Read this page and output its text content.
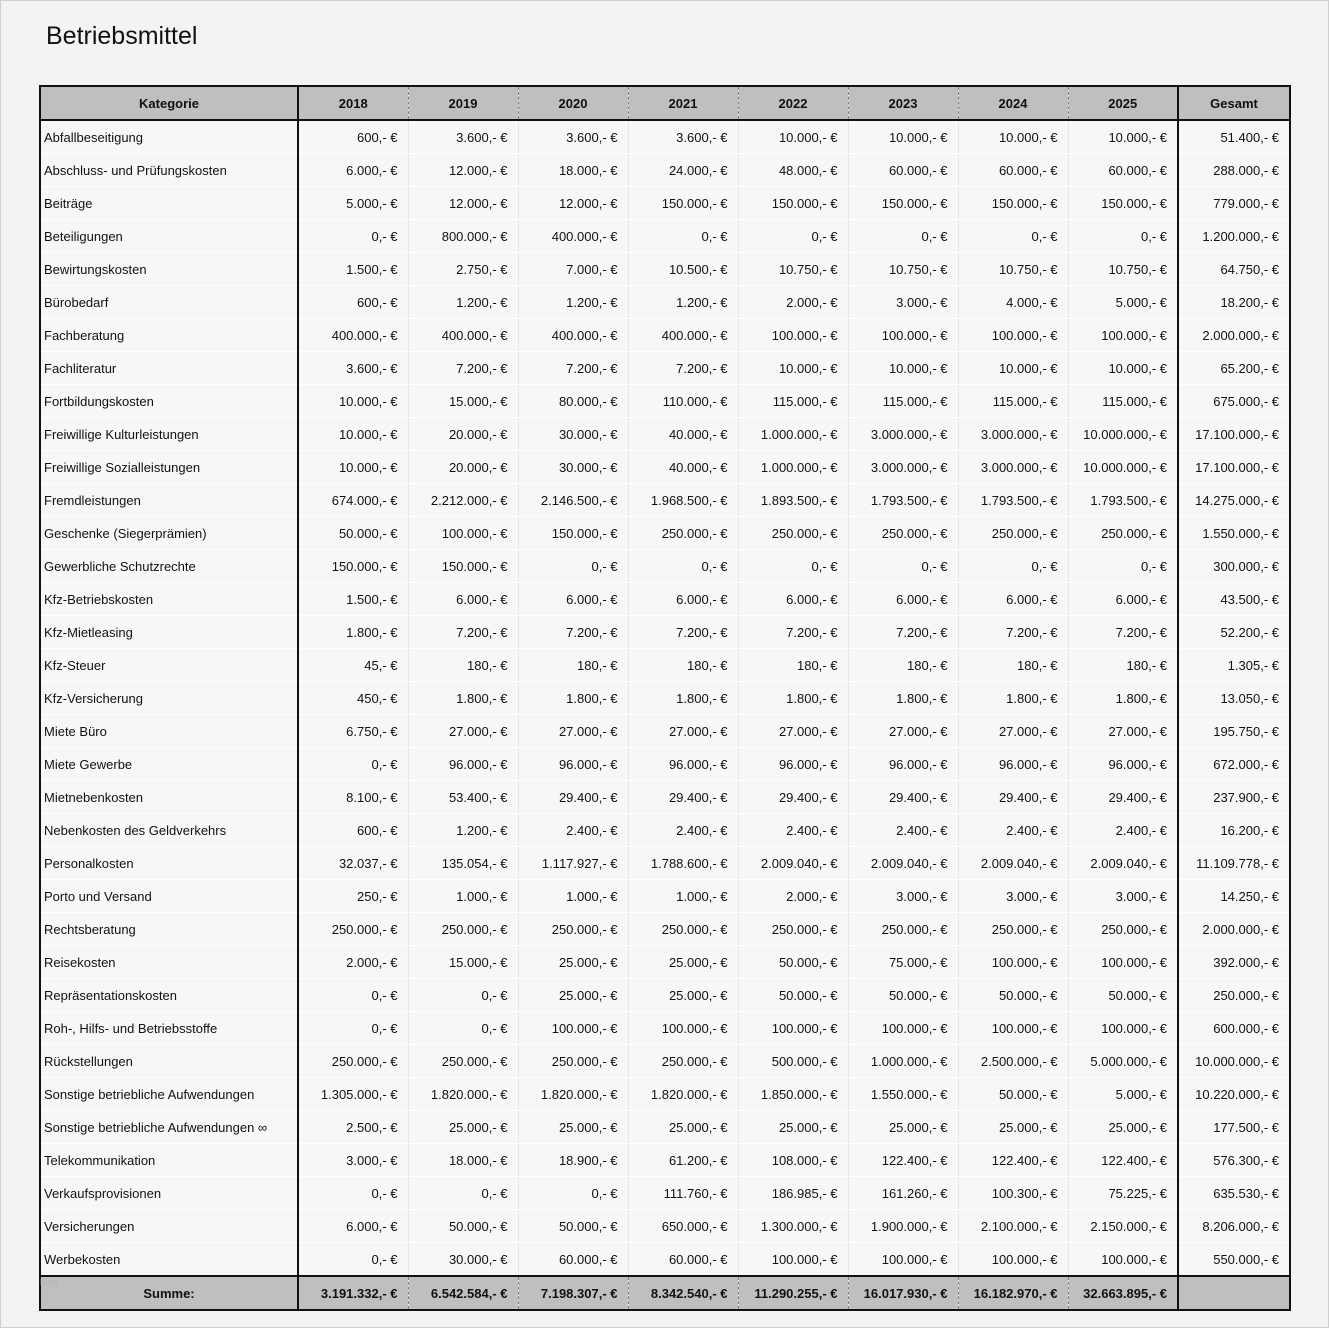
Betriebsmittel
Kategorie	2018	2019	2020	2021	2022	2023	2024	2025	Gesamt
Abfallbeseitigung	600,- €	3.600,- €	3.600,- €	3.600,- €	10.000,- €	10.000,- €	10.000,- €	10.000,- €	51.400,- €
Abschluss- und Prüfungskosten	6.000,- €	12.000,- €	18.000,- €	24.000,- €	48.000,- €	60.000,- €	60.000,- €	60.000,- €	288.000,- €
Beiträge	5.000,- €	12.000,- €	12.000,- €	150.000,- €	150.000,- €	150.000,- €	150.000,- €	150.000,- €	779.000,- €
Beteiligungen	0,- €	800.000,- €	400.000,- €	0,- €	0,- €	0,- €	0,- €	0,- €	1.200.000,- €
Bewirtungskosten	1.500,- €	2.750,- €	7.000,- €	10.500,- €	10.750,- €	10.750,- €	10.750,- €	10.750,- €	64.750,- €
Bürobedarf	600,- €	1.200,- €	1.200,- €	1.200,- €	2.000,- €	3.000,- €	4.000,- €	5.000,- €	18.200,- €
Fachberatung	400.000,- €	400.000,- €	400.000,- €	400.000,- €	100.000,- €	100.000,- €	100.000,- €	100.000,- €	2.000.000,- €
Fachliteratur	3.600,- €	7.200,- €	7.200,- €	7.200,- €	10.000,- €	10.000,- €	10.000,- €	10.000,- €	65.200,- €
Fortbildungskosten	10.000,- €	15.000,- €	80.000,- €	110.000,- €	115.000,- €	115.000,- €	115.000,- €	115.000,- €	675.000,- €
Freiwillige Kulturleistungen	10.000,- €	20.000,- €	30.000,- €	40.000,- €	1.000.000,- €	3.000.000,- €	3.000.000,- €	10.000.000,- €	17.100.000,- €
Freiwillige Sozialleistungen	10.000,- €	20.000,- €	30.000,- €	40.000,- €	1.000.000,- €	3.000.000,- €	3.000.000,- €	10.000.000,- €	17.100.000,- €
Fremdleistungen	674.000,- €	2.212.000,- €	2.146.500,- €	1.968.500,- €	1.893.500,- €	1.793.500,- €	1.793.500,- €	1.793.500,- €	14.275.000,- €
Geschenke (Siegerprämien)	50.000,- €	100.000,- €	150.000,- €	250.000,- €	250.000,- €	250.000,- €	250.000,- €	250.000,- €	1.550.000,- €
Gewerbliche Schutzrechte	150.000,- €	150.000,- €	0,- €	0,- €	0,- €	0,- €	0,- €	0,- €	300.000,- €
Kfz-Betriebskosten	1.500,- €	6.000,- €	6.000,- €	6.000,- €	6.000,- €	6.000,- €	6.000,- €	6.000,- €	43.500,- €
Kfz-Mietleasing	1.800,- €	7.200,- €	7.200,- €	7.200,- €	7.200,- €	7.200,- €	7.200,- €	7.200,- €	52.200,- €
Kfz-Steuer	45,- €	180,- €	180,- €	180,- €	180,- €	180,- €	180,- €	180,- €	1.305,- €
Kfz-Versicherung	450,- €	1.800,- €	1.800,- €	1.800,- €	1.800,- €	1.800,- €	1.800,- €	1.800,- €	13.050,- €
Miete Büro	6.750,- €	27.000,- €	27.000,- €	27.000,- €	27.000,- €	27.000,- €	27.000,- €	27.000,- €	195.750,- €
Miete Gewerbe	0,- €	96.000,- €	96.000,- €	96.000,- €	96.000,- €	96.000,- €	96.000,- €	96.000,- €	672.000,- €
Mietnebenkosten	8.100,- €	53.400,- €	29.400,- €	29.400,- €	29.400,- €	29.400,- €	29.400,- €	29.400,- €	237.900,- €
Nebenkosten des Geldverkehrs	600,- €	1.200,- €	2.400,- €	2.400,- €	2.400,- €	2.400,- €	2.400,- €	2.400,- €	16.200,- €
Personalkosten	32.037,- €	135.054,- €	1.117.927,- €	1.788.600,- €	2.009.040,- €	2.009.040,- €	2.009.040,- €	2.009.040,- €	11.109.778,- €
Porto und Versand	250,- €	1.000,- €	1.000,- €	1.000,- €	2.000,- €	3.000,- €	3.000,- €	3.000,- €	14.250,- €
Rechtsberatung	250.000,- €	250.000,- €	250.000,- €	250.000,- €	250.000,- €	250.000,- €	250.000,- €	250.000,- €	2.000.000,- €
Reisekosten	2.000,- €	15.000,- €	25.000,- €	25.000,- €	50.000,- €	75.000,- €	100.000,- €	100.000,- €	392.000,- €
Repräsentationskosten	0,- €	0,- €	25.000,- €	25.000,- €	50.000,- €	50.000,- €	50.000,- €	50.000,- €	250.000,- €
Roh-, Hilfs- und Betriebsstoffe	0,- €	0,- €	100.000,- €	100.000,- €	100.000,- €	100.000,- €	100.000,- €	100.000,- €	600.000,- €
Rückstellungen	250.000,- €	250.000,- €	250.000,- €	250.000,- €	500.000,- €	1.000.000,- €	2.500.000,- €	5.000.000,- €	10.000.000,- €
Sonstige betriebliche Aufwendungen	1.305.000,- €	1.820.000,- €	1.820.000,- €	1.820.000,- €	1.850.000,- €	1.550.000,- €	50.000,- €	5.000,- €	10.220.000,- €
Sonstige betriebliche Aufwendungen ∞	2.500,- €	25.000,- €	25.000,- €	25.000,- €	25.000,- €	25.000,- €	25.000,- €	25.000,- €	177.500,- €
Telekommunikation	3.000,- €	18.000,- €	18.900,- €	61.200,- €	108.000,- €	122.400,- €	122.400,- €	122.400,- €	576.300,- €
Verkaufsprovisionen	0,- €	0,- €	0,- €	111.760,- €	186.985,- €	161.260,- €	100.300,- €	75.225,- €	635.530,- €
Versicherungen	6.000,- €	50.000,- €	50.000,- €	650.000,- €	1.300.000,- €	1.900.000,- €	2.100.000,- €	2.150.000,- €	8.206.000,- €
Werbekosten	0,- €	30.000,- €	60.000,- €	60.000,- €	100.000,- €	100.000,- €	100.000,- €	100.000,- €	550.000,- €
Summe:	3.191.332,- €	6.542.584,- €	7.198.307,- €	8.342.540,- €	11.290.255,- €	16.017.930,- €	16.182.970,- €	32.663.895,- €	
Blog
